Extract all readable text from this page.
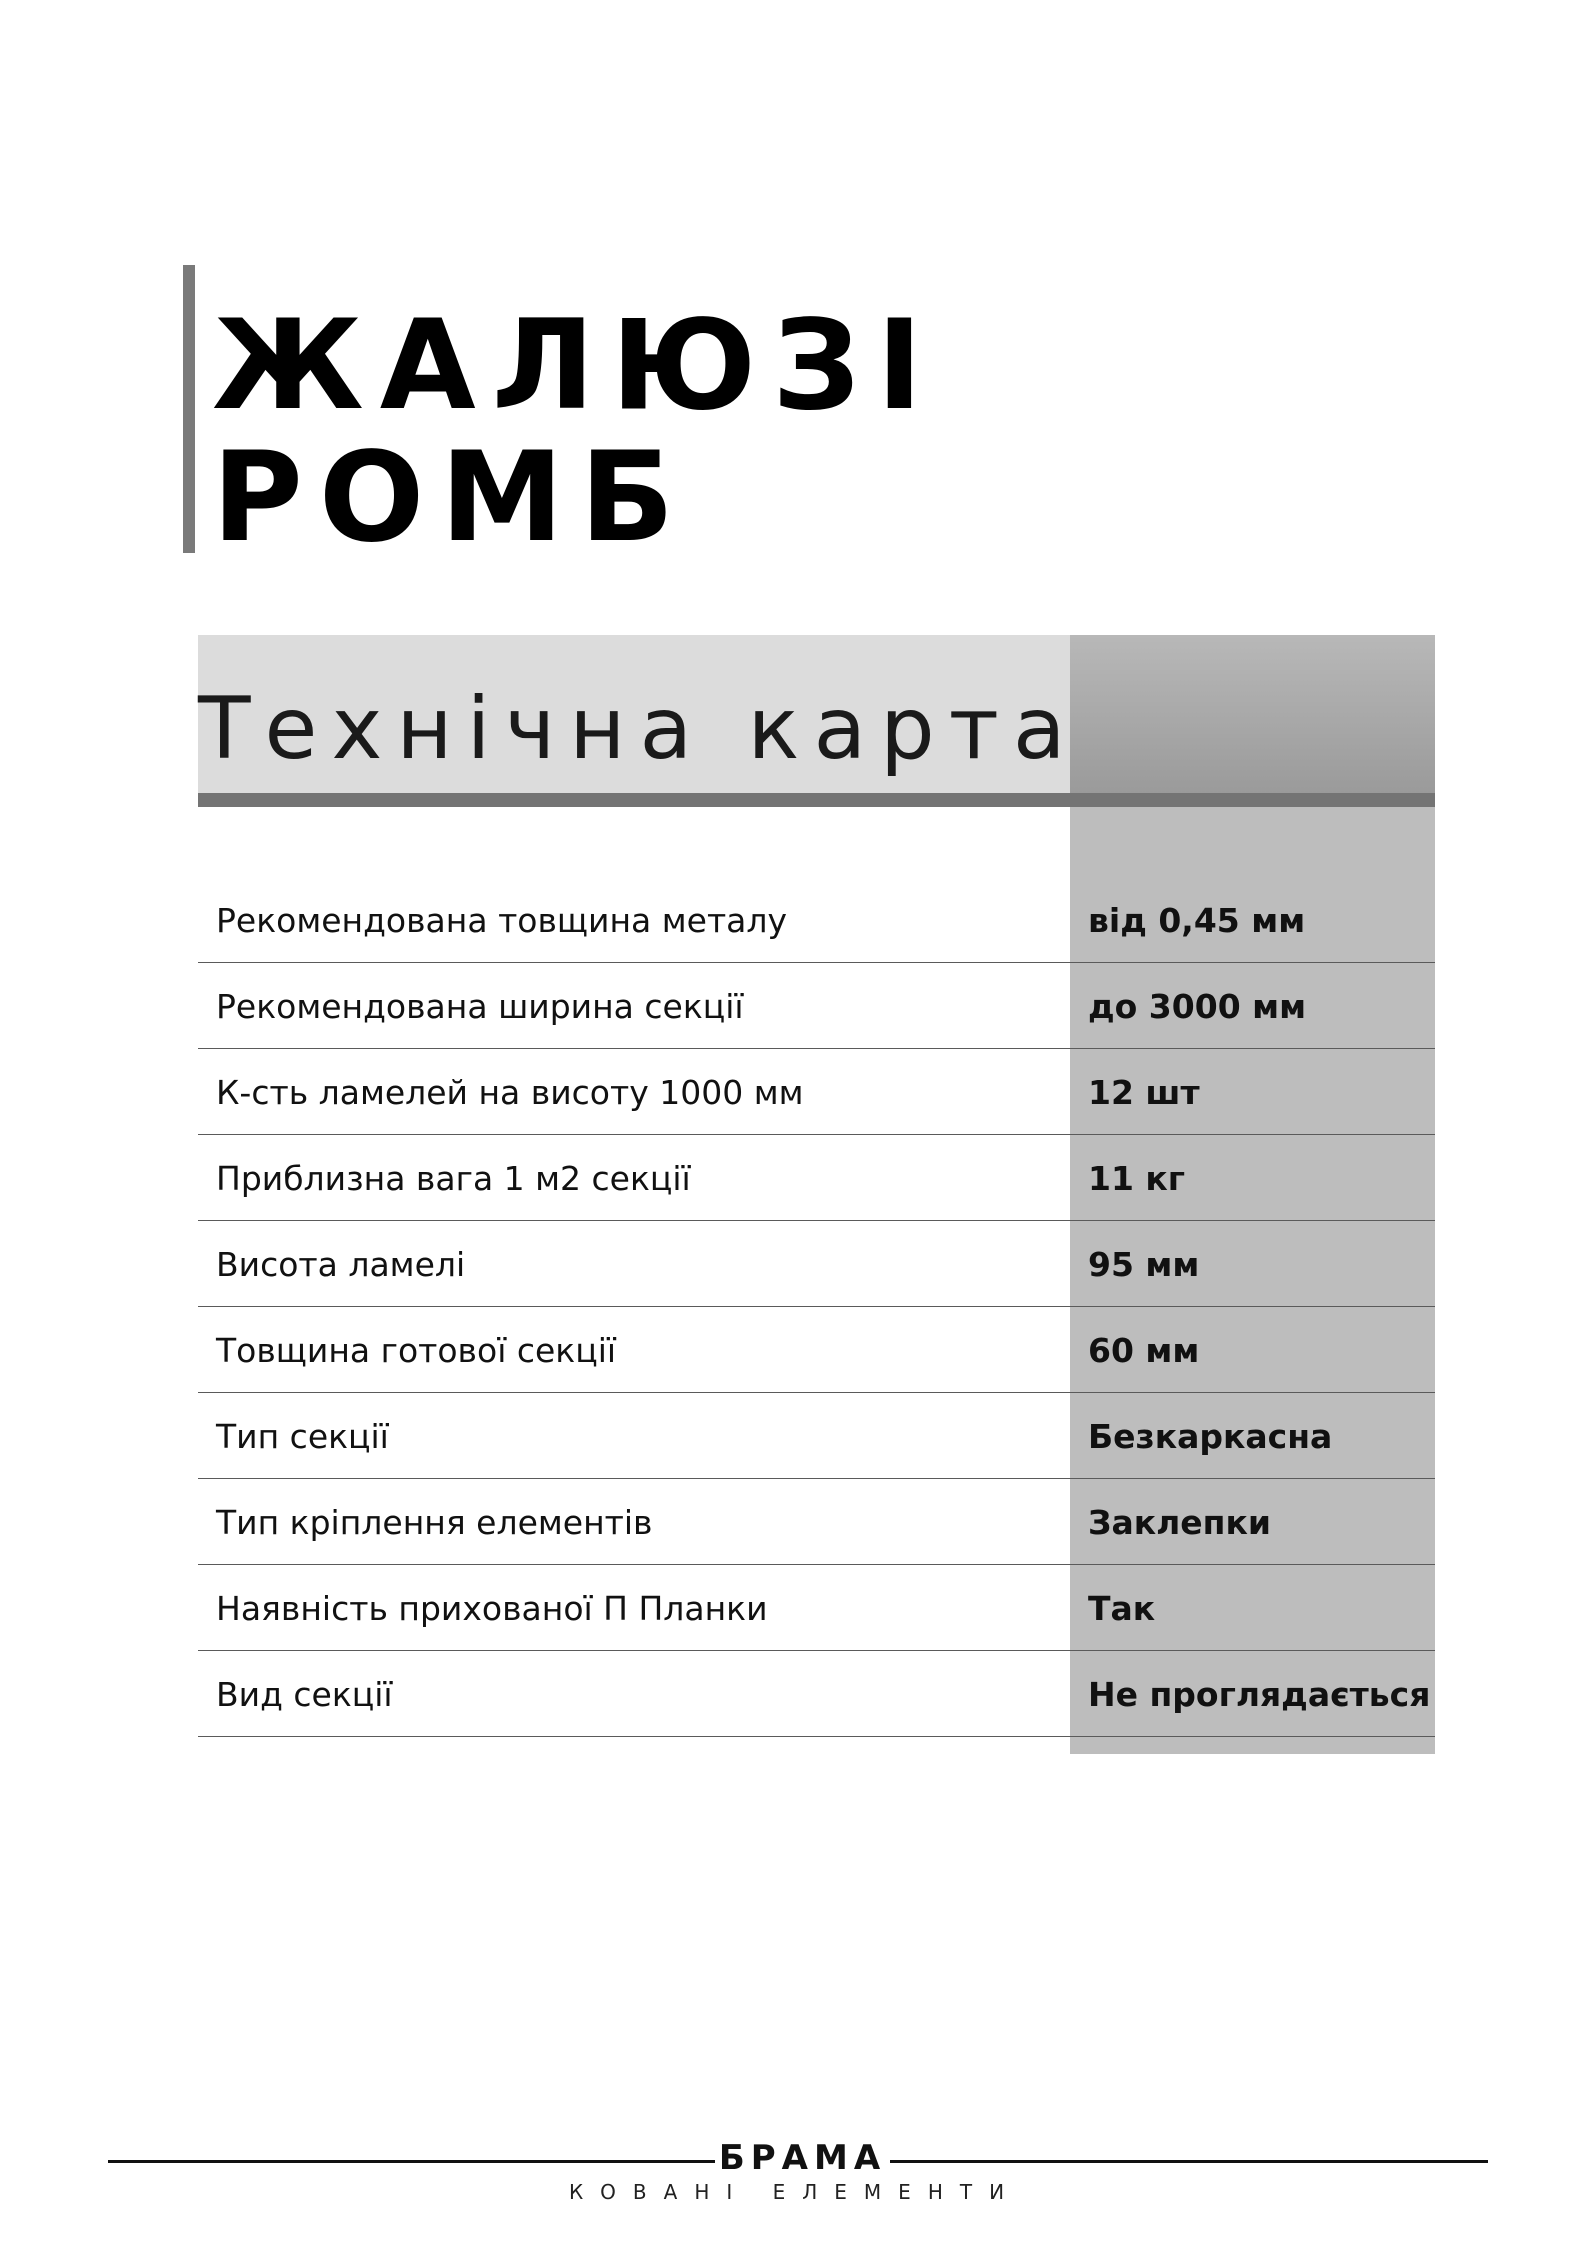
ЖАЛЮЗІ
РОМБ
Технічна карта
Рекомендована товщина металу	від 0,45 мм
Рекомендована ширина секції	до 3000 мм
К-сть ламелей на висоту 1000 мм	12 шт
Приблизна вага 1 м2 секції	11 кг
Висота ламелі	95 мм
Товщина готової секції	60 мм
Тип секції	Безкаркасна
Тип кріплення елементів	Заклепки
Наявність прихованої П Планки	Так
Вид секції	Не проглядається
БРАМА
КОВАНІ ЕЛЕМЕНТИ
